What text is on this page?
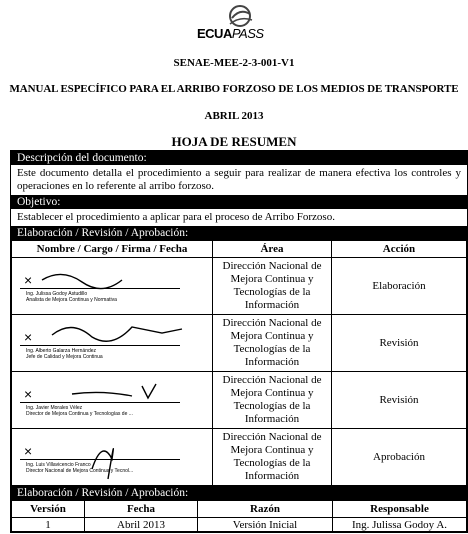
ECUAPASS
SENAE-MEE-2-3-001-V1
MANUAL ESPECÍFICO PARA EL ARRIBO FORZOSO DE LOS MEDIOS DE TRANSPORTE
ABRIL 2013
HOJA DE RESUMEN
Descripción del documento:
Este documento detalla el procedimiento a seguir para realizar de manera efectiva los controles y operaciones en lo referente al arribo forzoso.
Objetivo:
Establecer el procedimiento a aplicar para el proceso de Arribo Forzoso.
Elaboración / Revisión / Aprobación:
Nombre / Cargo / Firma / Fecha	Área	Acción

×
Ing. Julissa Godoy Astudillo
Analista de Mejora Continua y Normativa	Dirección Nacional de Mejora Continua y Tecnologías de la Información	Elaboración

×
Ing. Alberto Galarza Hernández
Jefe de Calidad y Mejora Continua	Dirección Nacional de Mejora Continua y Tecnologías de la Información	Revisión

×
Ing. Javier Morales Vélez
Director de Mejora Continua y Tecnologías de ...	Dirección Nacional de Mejora Continua y Tecnologías de la Información	Revisión

×
Ing. Luis Villavicencio Franco
Director Nacional de Mejora Continua y Tecnol...	Dirección Nacional de Mejora Continua y Tecnologías de la Información	Aprobación
Elaboración / Revisión / Aprobación:
Versión	Fecha	Razón	Responsable
1	Abril 2013	Versión Inicial	Ing. Julissa Godoy A.
